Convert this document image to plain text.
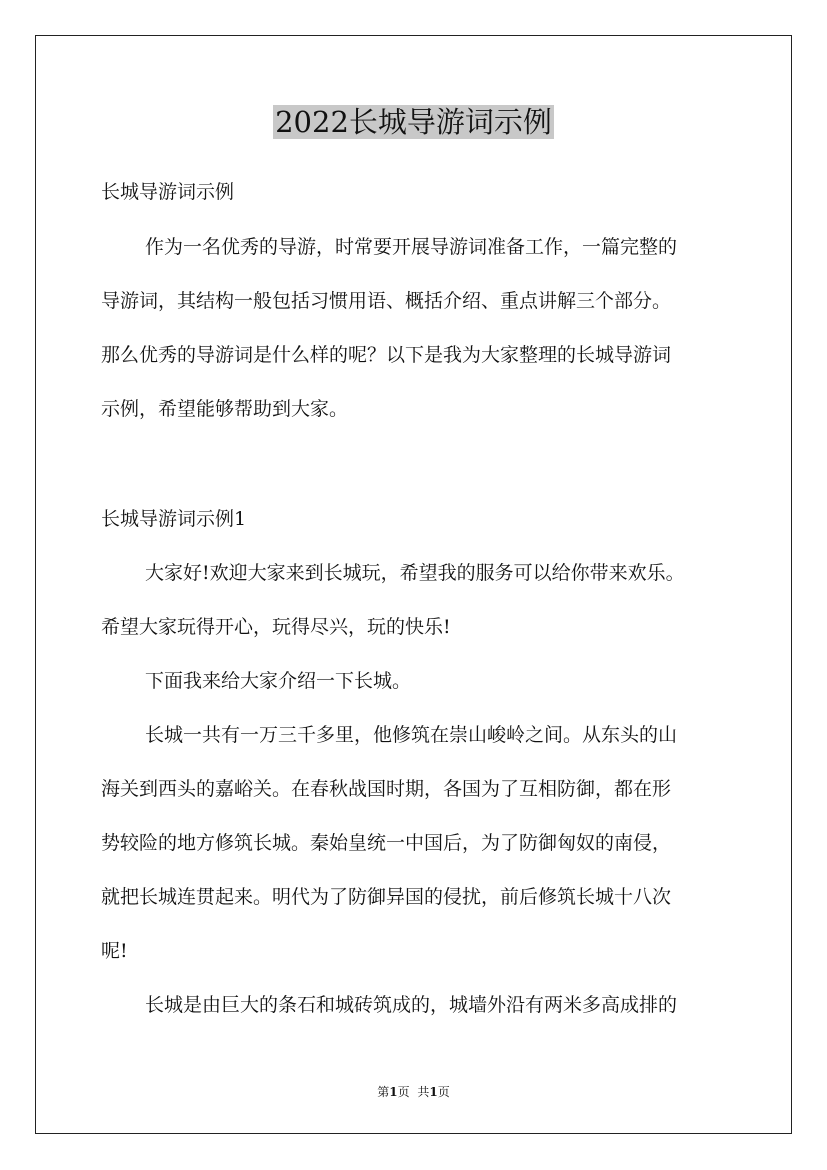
2022长城导游词示例

长城导游词示例

作为一名优秀的导游，时常要开展导游词准备工作，一篇完整的

导游词，其结构一般包括习惯用语、概括介绍、重点讲解三个部分。

那么优秀的导游词是什么样的呢？以下是我为大家整理的长城导游词

示例，希望能够帮助到大家。

长城导游词示例1

大家好!欢迎大家来到长城玩，希望我的服务可以给你带来欢乐。

希望大家玩得开心，玩得尽兴，玩的快乐!

下面我来给大家介绍一下长城。

长城一共有一万三千多里，他修筑在崇山峻岭之间。从东头的山

海关到西头的嘉峪关。在春秋战国时期，各国为了互相防御，都在形

势较险的地方修筑长城。秦始皇统一中国后，为了防御匈奴的南侵，

就把长城连贯起来。明代为了防御异国的侵扰，前后修筑长城十八次

呢!

长城是由巨大的条石和城砖筑成的，城墙外沿有两米多高成排的

第1页 共1页
